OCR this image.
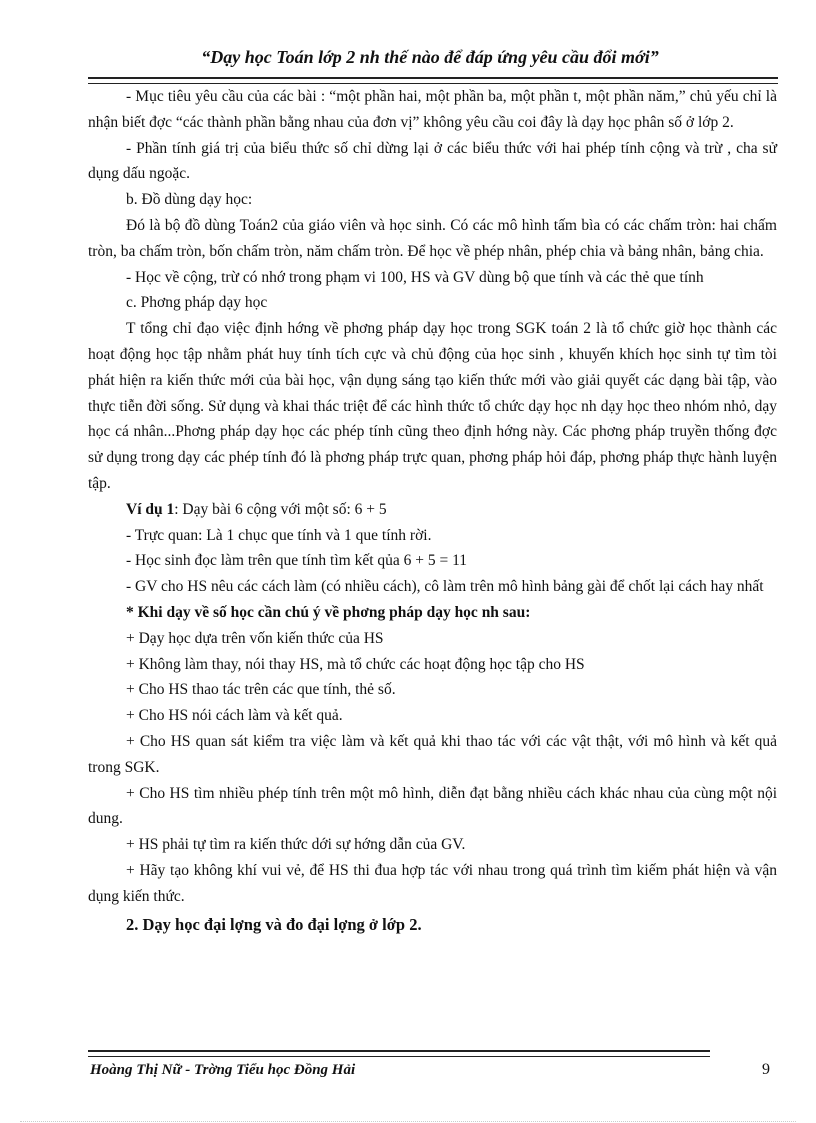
“Dạy học Toán lớp 2 nh thế nào để đáp ứng yêu cầu đổi mới”

- Mục tiêu yêu cầu của các bài : “một phần hai, một phần ba, một phần t, một phần năm,” chủ yếu chỉ là nhận biết đợc “các thành phần bằng nhau của đơn vị” không yêu cầu coi đây là dạy học phân số ở lớp 2.

- Phần tính giá trị của biểu thức số chỉ dừng lại ở các biểu thức với hai phép tính cộng và trừ , cha sử dụng dấu ngoặc.

b. Đồ dùng dạy học:

Đó là bộ đồ dùng Toán2 của giáo viên và học sinh. Có các mô hình tấm bìa có các chấm tròn: hai chấm tròn, ba chấm tròn, bốn chấm tròn, năm chấm tròn. Để học về phép nhân, phép chia và bảng nhân, bảng chia.

- Học về cộng, trừ có nhớ trong phạm vi 100, HS và GV dùng bộ que tính và các thẻ que tính

c. Phơng pháp dạy học

T tổng chỉ đạo việc định hớng về phơng pháp dạy học trong SGK toán 2 là tổ chức giờ học thành các hoạt động học tập nhằm phát huy tính tích cực và chủ động của học sinh , khuyến khích học sinh tự tìm tòi phát hiện ra kiến thức mới của bài học, vận dụng sáng tạo kiến thức mới vào giải quyết các dạng bài tập, vào thực tiễn đời sống. Sử dụng và khai thác triệt để các hình thức tổ chức dạy học nh dạy học theo nhóm nhỏ, dạy học cá nhân...Phơng pháp dạy học các phép tính cũng theo định hớng này. Các phơng pháp truyền thống đợc sử dụng trong dạy các phép tính đó là phơng pháp trực quan, phơng pháp hỏi đáp, phơng pháp thực hành luyện tập.

Ví dụ 1: Dạy bài 6 cộng với một số: 6 + 5

- Trực quan: Là 1 chục que tính và 1 que tính rời.

- Học sinh đọc làm trên que tính tìm kết qủa 6 + 5 = 11

- GV cho HS nêu các cách làm (có nhiều cách), cô làm trên mô hình bảng gài để chốt lại cách hay nhất

* Khi dạy về số học cần chú ý về phơng pháp dạy học nh sau:

+ Dạy học dựa trên vốn kiến thức của HS

+ Không làm thay, nói thay HS, mà tổ chức các hoạt động học tập cho HS

+ Cho HS thao tác trên các que tính, thẻ số.

+ Cho HS nói cách làm và kết quả.

+ Cho HS quan sát kiểm tra việc làm và kết quả khi thao tác với các vật thật, với mô hình và kết quả trong SGK.

+ Cho HS tìm nhiều phép tính trên một mô hình, diễn đạt bằng nhiều cách khác nhau của cùng một nội dung.

+ HS phải tự tìm ra kiến thức dới sự hớng dẫn của GV.

+ Hãy tạo không khí vui vẻ, để HS thi đua hợp tác với nhau trong quá trình tìm kiếm phát hiện và vận dụng kiến thức.

2. Dạy học đại lợng và đo đại lợng ở lớp 2.

Hoàng Thị Nữ - Trờng Tiểu học Đồng Hải	9
